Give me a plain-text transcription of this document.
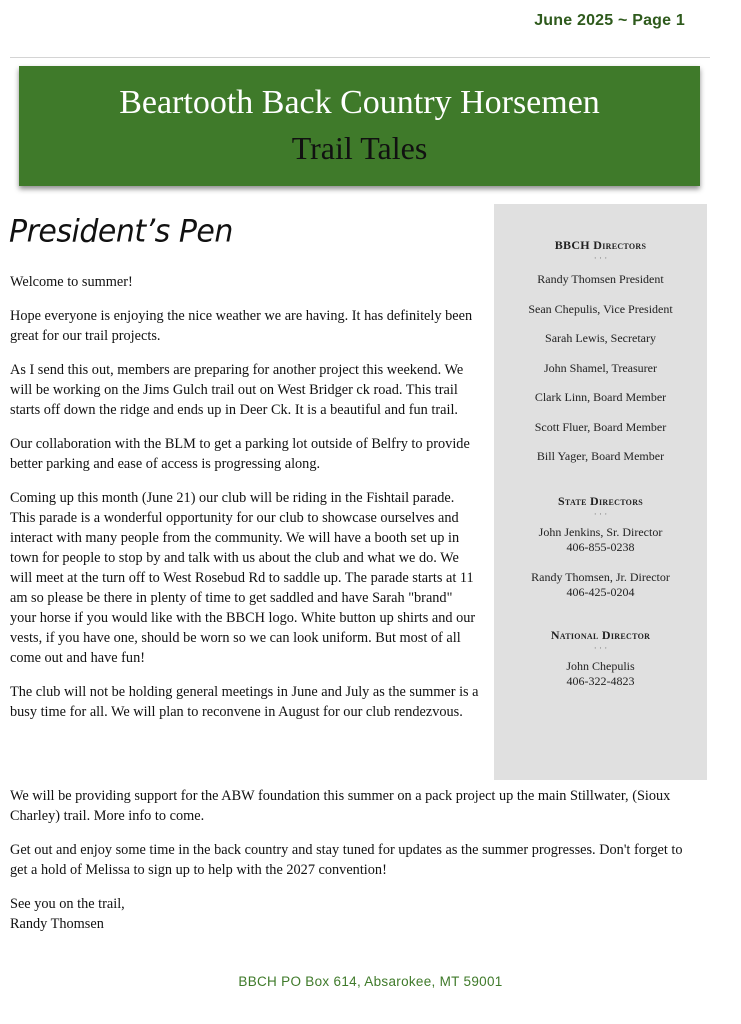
June 2025 ~ Page 1
Beartooth Back Country Horsemen
Trail Tales
President’s Pen

Welcome to summer!

Hope everyone is enjoying the nice weather we are having. It has definitely been great for our trail projects.

As I send this out, members are preparing for another project this weekend. We will be working on the Jims Gulch trail out on West Bridger ck road. This trail starts off down the ridge and ends up in Deer Ck. It is a beautiful and fun trail.

Our collaboration with the BLM to get a parking lot outside of Belfry to provide better parking and ease of access is progressing along.

Coming up this month (June 21) our club will be riding in the Fishtail parade. This parade is a wonderful opportunity for our club to showcase ourselves and interact with many people from the community. We will have a booth set up in town for people to stop by and talk with us about the club and what we do. We will meet at the turn off to West Rosebud Rd to saddle up. The parade starts at 11 am so please be there in plenty of time to get saddled and have Sarah "brand" your horse if you would like with the BBCH logo. White button up shirts and our vests, if you have one, should be worn so we can look uniform. But most of all come out and have fun!

The club will not be holding general meetings in June and July as the summer is a busy time for all. We will plan to reconvene in August for our club rendezvous.

We will be providing support for the ABW foundation this summer on a pack project up the main Stillwater, (Sioux Charley) trail. More info to come.

Get out and enjoy some time in the back country and stay tuned for updates as the summer progresses. Don't forget to get a hold of Melissa to sign up to help with the 2027 convention!

See you on the trail,
Randy Thomsen

BBCH Directors
· · ·
Randy Thomsen President
Sean Chepulis, Vice President
Sarah Lewis, Secretary
John Shamel, Treasurer
Clark Linn, Board Member
Scott Fluer, Board Member
Bill Yager, Board Member
State Directors
· · ·
John Jenkins, Sr. Director
406-855-0238
Randy Thomsen, Jr. Director
406-425-0204
National Director
· · ·
John Chepulis
406-322-4823
BBCH PO Box 614, Absarokee, MT 59001
